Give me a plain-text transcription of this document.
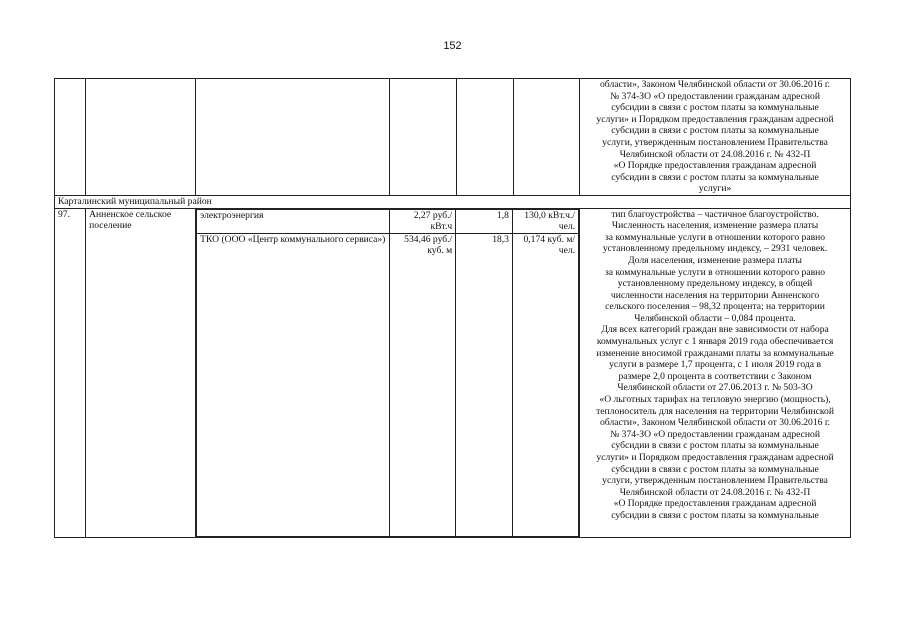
152

области», Законом Челябинской области от 30.06.2016 г.

№ 374-ЗО «О предоставлении гражданам адресной

субсидии в связи с ростом платы за коммунальные

услуги» и Порядком предоставления гражданам адресной

субсидии в связи с ростом платы за коммунальные

услуги, утвержденным постановлением Правительства

Челябинской области от 24.08.2016 г. № 432-П

«О Порядке предоставления гражданам адресной

субсидии в связи с ростом платы за коммунальные

услуги»

Карталинский муниципальный район
97.	Анненское сельское поселение	
электроэнергия	2,27 руб./кВт.ч	1,8	130,0 кВт.ч./чел.
ТКО (ООО «Центр коммунального сервиса»)	534,46 руб./куб. м	18,3	0,174 куб. м/чел.

тип благоустройства – частичное благоустройство.

Численность населения, изменение размера платы

за коммунальные услуги в отношении которого равно

установленному предельному индексу, – 2931 человек.

Доля населения, изменение размера платы

за коммунальные услуги в отношении которого равно

установленному предельному индексу, в общей

численности населения на территории Анненского

сельского поселения – 98,32 процента; на территории

Челябинской области – 0,084 процента.

Для всех категорий граждан вне зависимости от набора

коммунальных услуг с 1 января 2019 года обеспечивается

изменение вносимой гражданами платы за коммунальные

услуги в размере 1,7 процента, с 1 июля 2019 года в

размере 2,0 процента в соответствии с Законом

Челябинской области от 27.06.2013 г. № 503-ЗО

«О льготных тарифах на тепловую энергию (мощность),

теплоноситель для населения на территории Челябинской

области», Законом Челябинской области от 30.06.2016 г.

№ 374-ЗО «О предоставлении гражданам адресной

субсидии в связи с ростом платы за коммунальные

услуги» и Порядком предоставления гражданам адресной

субсидии в связи с ростом платы за коммунальные

услуги, утвержденным постановлением Правительства

Челябинской области от 24.08.2016 г. № 432-П

«О Порядке предоставления гражданам адресной

субсидии в связи с ростом платы за коммунальные
